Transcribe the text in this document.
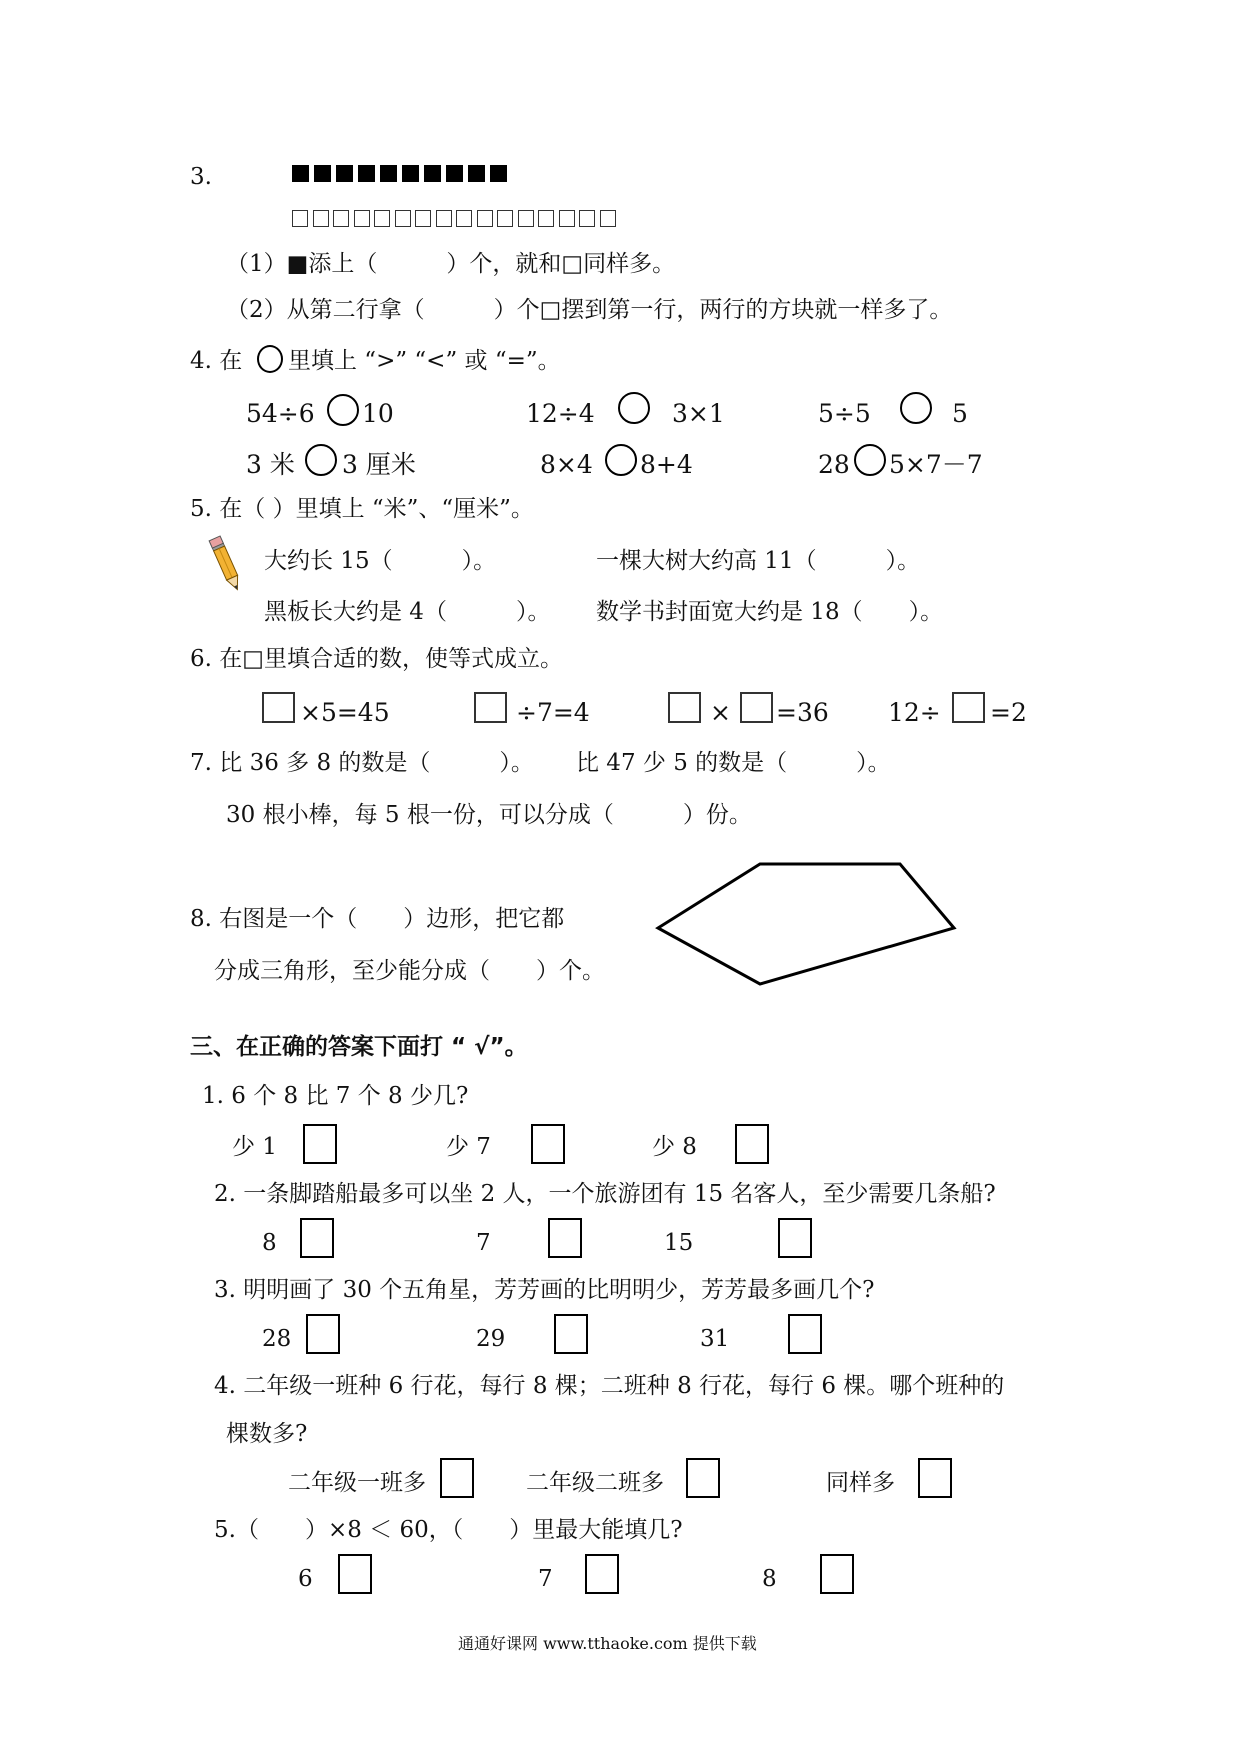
3.
（1）■添上（　　　）个，就和□同样多。
（2）从第二行拿（　　　）个□摆到第一行，两行的方块就一样多了。
4. 在 里填上 “>” “<” 或 “=”。
54÷6 10	12÷4	3×1	5÷5	5
3 米 3 厘米	8×4 8+4	28 5×7－7
5. 在（ ）里填上 “米”、“厘米”。
大约长 15（　　　）。	一棵大树大约高 11（　　　）。
黑板长大约是 4（　　　）。 数学书封面宽大约是 18（　　）。
6. 在□里填合适的数，使等式成立。
×5=45	÷7=4	× =36 12÷ =2
7. 比 36 多 8 的数是（　　　）。 比 47 少 5 的数是（　　　）。
30 根小棒，每 5 根一份，可以分成（　　　）份。
8. 右图是一个（　　）边形，把它都
分成三角形，至少能分成（　　）个。
三、在正确的答案下面打 “ √”。
1. 6 个 8 比 7 个 8 少几?
少 1	少 7	少 8
2. 一条脚踏船最多可以坐 2 人，一个旅游团有 15 名客人，至少需要几条船?
8	7	15
3. 明明画了 30 个五角星，芳芳画的比明明少，芳芳最多画几个?
28	29	31
4. 二年级一班种 6 行花，每行 8 棵；二班种 8 行花，每行 6 棵。哪个班种的
棵数多?
二年级一班多	二年级二班多	同样多
5.（　　）×8 ＜ 60，（　　）里最大能填几?
6	7	8
通通好课网 www.tthaoke.com 提供下载
